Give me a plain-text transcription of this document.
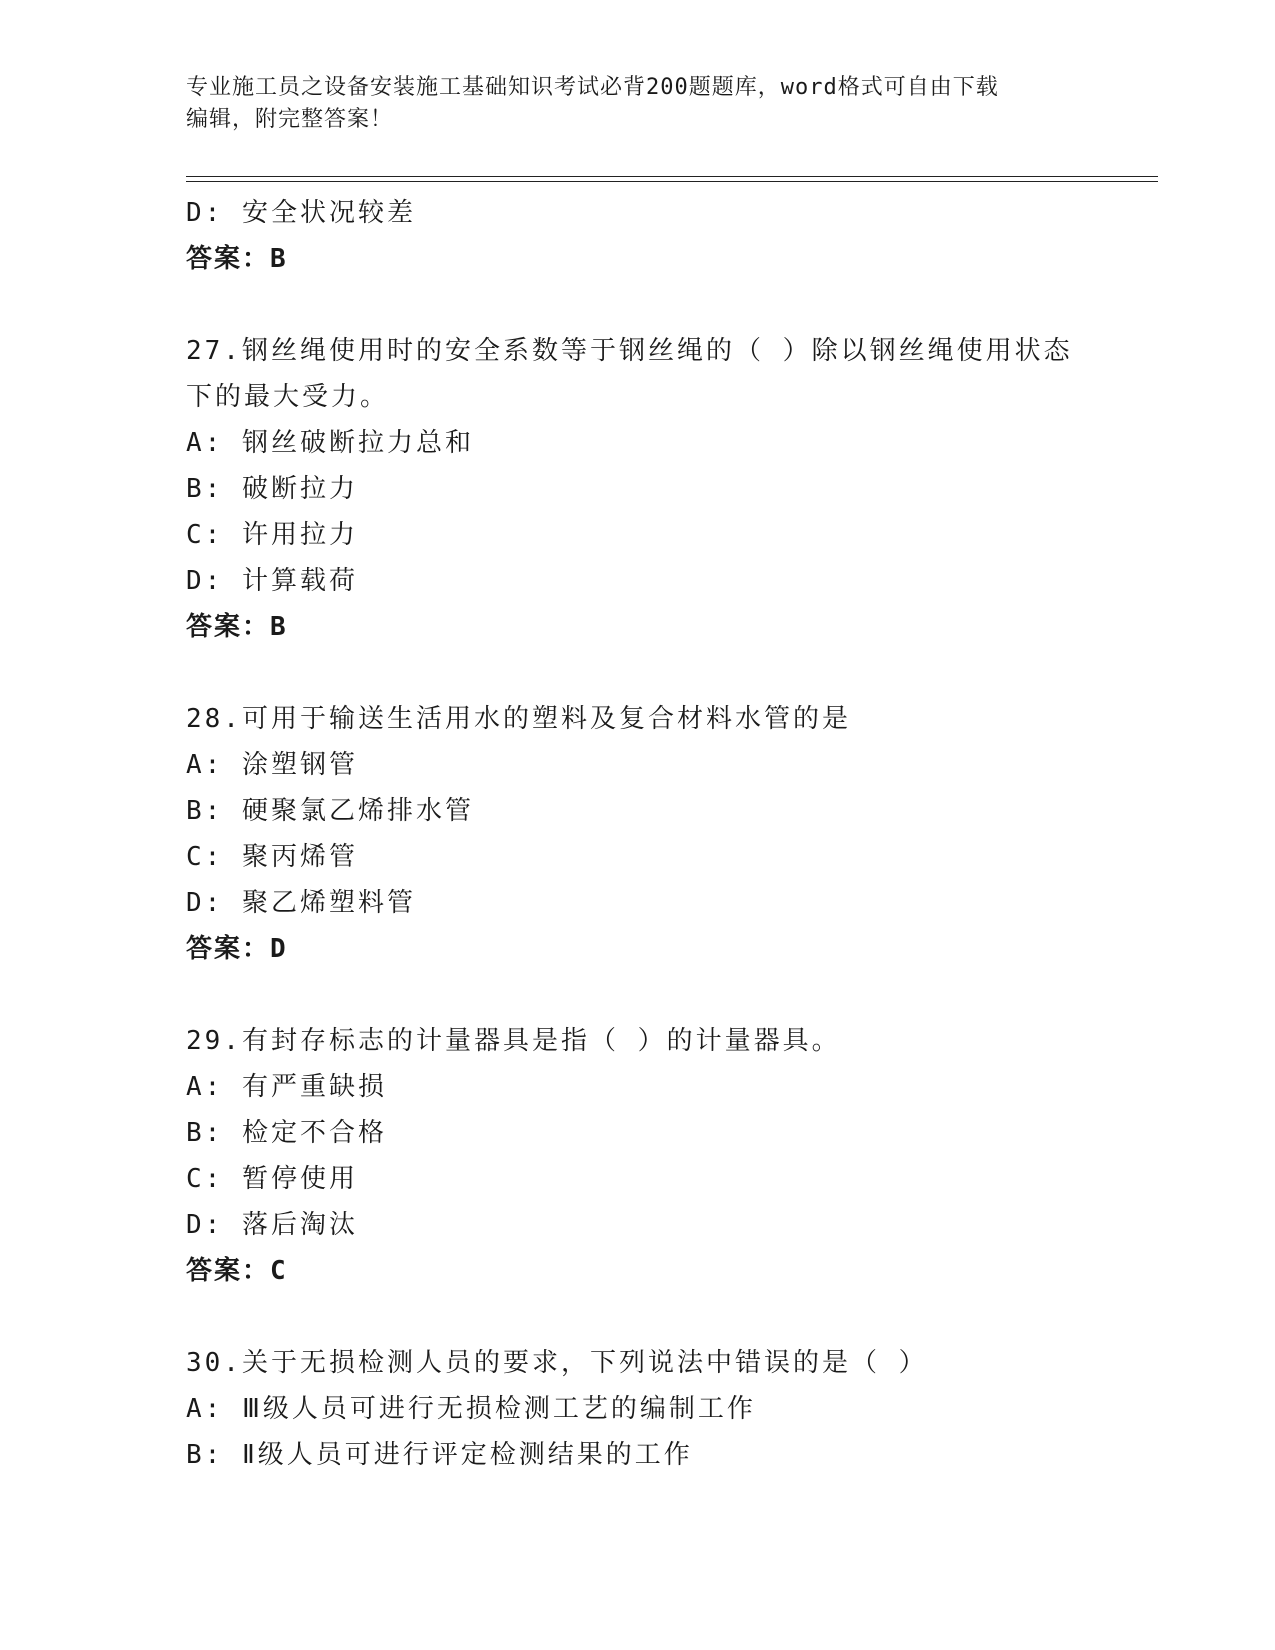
专业施工员之设备安装施工基础知识考试必背200题题库，word格式可自由下载
编辑，附完整答案！
D: 安全状况较差
答案：B
27.钢丝绳使用时的安全系数等于钢丝绳的（ ）除以钢丝绳使用状态
下的最大受力。
A: 钢丝破断拉力总和
B: 破断拉力
C: 许用拉力
D: 计算载荷
答案：B
28.可用于输送生活用水的塑料及复合材料水管的是
A: 涂塑钢管
B: 硬聚氯乙烯排水管
C: 聚丙烯管
D: 聚乙烯塑料管
答案：D
29.有封存标志的计量器具是指（ ）的计量器具。
A: 有严重缺损
B: 检定不合格
C: 暂停使用
D: 落后淘汰
答案：C
30.关于无损检测人员的要求，下列说法中错误的是（ ）
A: Ⅲ级人员可进行无损检测工艺的编制工作
B: Ⅱ级人员可进行评定检测结果的工作
